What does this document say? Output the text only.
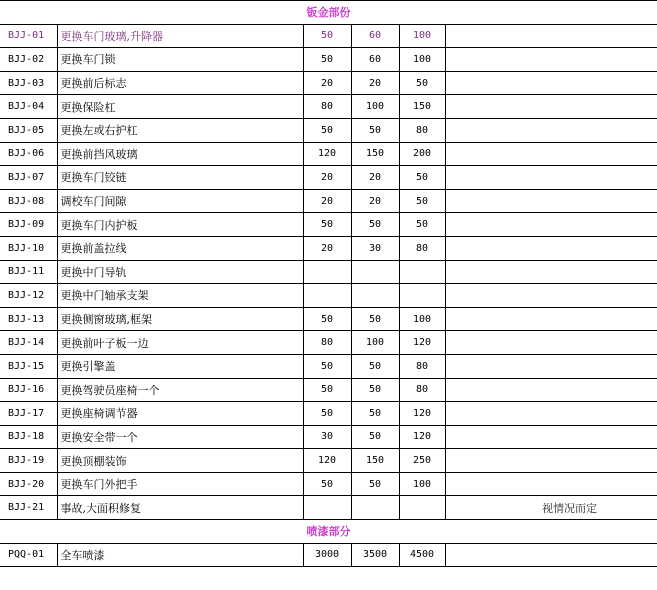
钣金部份					
BJJ-01	更换车门玻璃,升降器	50	60	100	
BJJ-02	更换车门锁	50	60	100	
BJJ-03	更换前后标志	20	20	50	
BJJ-04	更换保险杠	80	100	150	
BJJ-05	更换左或右护杠	50	50	80	
BJJ-06	更换前挡风玻璃	120	150	200	
BJJ-07	更换车门铰链	20	20	50	
BJJ-08	调校车门间隙	20	20	50	
BJJ-09	更换车门内护板	50	50	50	
BJJ-10	更换前盖拉线	20	30	80	
BJJ-11	更换中门导轨				
BJJ-12	更换中门轴承支架				
BJJ-13	更换侧窗玻璃,框架	50	50	100	
BJJ-14	更换前叶子板一边	80	100	120	
BJJ-15	更换引擎盖	50	50	80	
BJJ-16	更换驾驶员座椅一个	50	50	80	
BJJ-17	更换座椅调节器	50	50	120	
BJJ-18	更换安全带一个	30	50	120	
BJJ-19	更换顶棚装饰	120	150	250	
BJJ-20	更换车门外把手	50	50	100	
BJJ-21	事故,大面积修复				视情况而定
喷漆部分					
PQQ-01	全车喷漆	3000	3500	4500	
